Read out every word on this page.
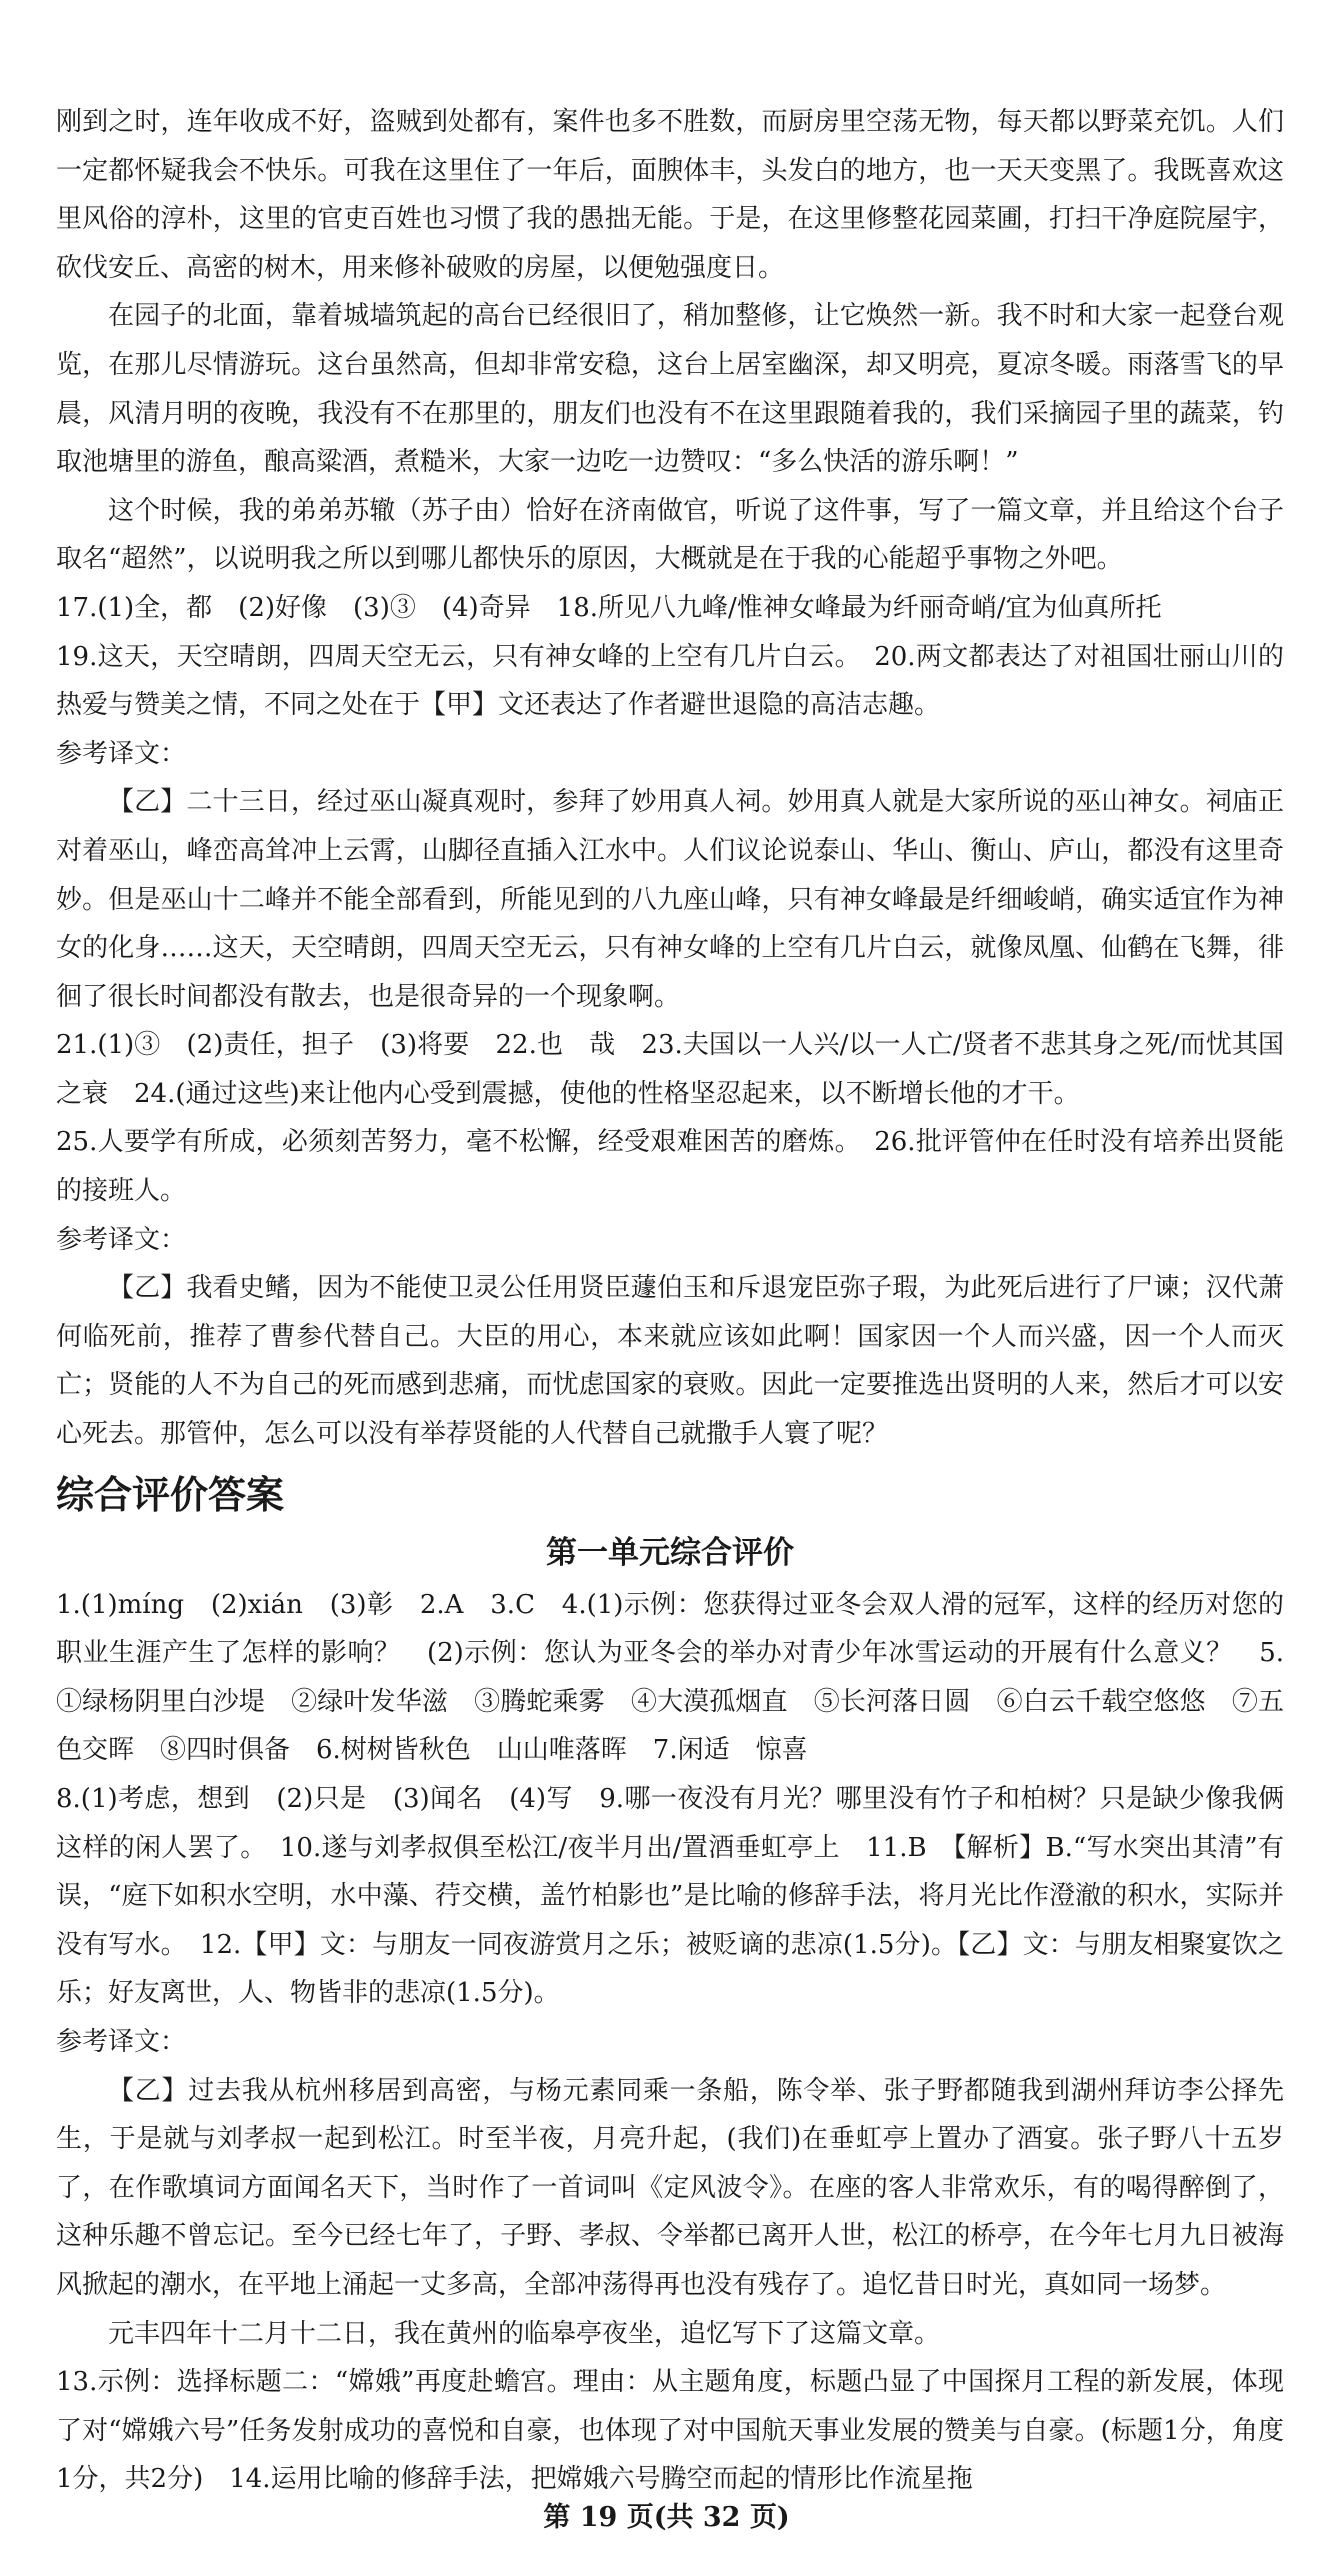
刚到之时，连年收成不好，盗贼到处都有，案件也多不胜数，而厨房里空荡无物，每天都以野菜充饥。人们一定都怀疑我会不快乐。可我在这里住了一年后，面腴体丰，头发白的地方，也一天天变黑了。我既喜欢这里风俗的淳朴，这里的官吏百姓也习惯了我的愚拙无能。于是，在这里修整花园菜圃，打扫干净庭院屋宇，砍伐安丘、高密的树木，用来修补破败的房屋，以便勉强度日。

在园子的北面，靠着城墙筑起的高台已经很旧了，稍加整修，让它焕然一新。我不时和大家一起登台观览，在那儿尽情游玩。这台虽然高，但却非常安稳，这台上居室幽深，却又明亮，夏凉冬暖。雨落雪飞的早晨，风清月明的夜晚，我没有不在那里的，朋友们也没有不在这里跟随着我的，我们采摘园子里的蔬菜，钓取池塘里的游鱼，酿高粱酒，煮糙米，大家一边吃一边赞叹：“多么快活的游乐啊！”

这个时候，我的弟弟苏辙（苏子由）恰好在济南做官，听说了这件事，写了一篇文章，并且给这个台子取名“超然”，以说明我之所以到哪儿都快乐的原因，大概就是在于我的心能超乎事物之外吧。

17.(1)全，都　(2)好像　(3)③　(4)奇异　18.所见八九峰/惟神女峰最为纤丽奇峭/宜为仙真所托

19.这天，天空晴朗，四周天空无云，只有神女峰的上空有几片白云。　20.两文都表达了对祖国壮丽山川的热爱与赞美之情，不同之处在于【甲】文还表达了作者避世退隐的高洁志趣。

参考译文：

【乙】二十三日，经过巫山凝真观时，参拜了妙用真人祠。妙用真人就是大家所说的巫山神女。祠庙正对着巫山，峰峦高耸冲上云霄，山脚径直插入江水中。人们议论说泰山、华山、衡山、庐山，都没有这里奇妙。但是巫山十二峰并不能全部看到，所能见到的八九座山峰，只有神女峰最是纤细峻峭，确实适宜作为神女的化身……这天，天空晴朗，四周天空无云，只有神女峰的上空有几片白云，就像凤凰、仙鹤在飞舞，徘徊了很长时间都没有散去，也是很奇异的一个现象啊。

21.(1)③　(2)责任，担子　(3)将要　22.也　哉　23.夫国以一人兴/以一人亡/贤者不悲其身之死/而忧其国之衰　24.(通过这些)来让他内心受到震撼，使他的性格坚忍起来，以不断增长他的才干。

25.人要学有所成，必须刻苦努力，毫不松懈，经受艰难困苦的磨炼。　26.批评管仲在任时没有培养出贤能的接班人。

参考译文：

【乙】我看史鳍，因为不能使卫灵公任用贤臣蘧伯玉和斥退宠臣弥子瑕，为此死后进行了尸谏；汉代萧何临死前，推荐了曹参代替自己。大臣的用心，本来就应该如此啊！国家因一个人而兴盛，因一个人而灭亡；贤能的人不为自己的死而感到悲痛，而忧虑国家的衰败。因此一定要推选出贤明的人来，然后才可以安心死去。那管仲，怎么可以没有举荐贤能的人代替自己就撒手人寰了呢？

综合评价答案
第一单元综合评价

1.(1)míng　(2)xián　(3)彰　2.A　3.C　4.(1)示例：您获得过亚冬会双人滑的冠军，这样的经历对您的职业生涯产生了怎样的影响？　(2)示例：您认为亚冬会的举办对青少年冰雪运动的开展有什么意义？　5.①绿杨阴里白沙堤　②绿叶发华滋　③腾蛇乘雾　④大漠孤烟直　⑤长河落日圆　⑥白云千载空悠悠　⑦五色交晖　⑧四时俱备　6.树树皆秋色　山山唯落晖　7.闲适　惊喜

8.(1)考虑，想到　(2)只是　(3)闻名　(4)写　9.哪一夜没有月光？哪里没有竹子和柏树？只是缺少像我俩这样的闲人罢了。　10.遂与刘孝叔俱至松江/夜半月出/置酒垂虹亭上　11.B　【解析】B.“写水突出其清”有误，“庭下如积水空明，水中藻、荇交横，盖竹柏影也”是比喻的修辞手法，将月光比作澄澈的积水，实际并没有写水。　12.【甲】文：与朋友一同夜游赏月之乐；被贬谪的悲凉(1.5分)。【乙】文：与朋友相聚宴饮之乐；好友离世，人、物皆非的悲凉(1.5分)。

参考译文：

【乙】过去我从杭州移居到高密，与杨元素同乘一条船，陈令举、张子野都随我到湖州拜访李公择先生，于是就与刘孝叔一起到松江。时至半夜，月亮升起，(我们)在垂虹亭上置办了酒宴。张子野八十五岁了，在作歌填词方面闻名天下，当时作了一首词叫《定风波令》。在座的客人非常欢乐，有的喝得醉倒了，这种乐趣不曾忘记。至今已经七年了，子野、孝叔、令举都已离开人世，松江的桥亭，在今年七月九日被海风掀起的潮水，在平地上涌起一丈多高，全部冲荡得再也没有残存了。追忆昔日时光，真如同一场梦。

元丰四年十二月十二日，我在黄州的临皋亭夜坐，追忆写下了这篇文章。

13.示例：选择标题二：“嫦娥”再度赴蟾宫。理由：从主题角度，标题凸显了中国探月工程的新发展，体现了对“嫦娥六号”任务发射成功的喜悦和自豪，也体现了对中国航天事业发展的赞美与自豪。(标题1分，角度1分，共2分)　14.运用比喻的修辞手法，把嫦娥六号腾空而起的情形比作流星拖

第 19 页(共 32 页)
